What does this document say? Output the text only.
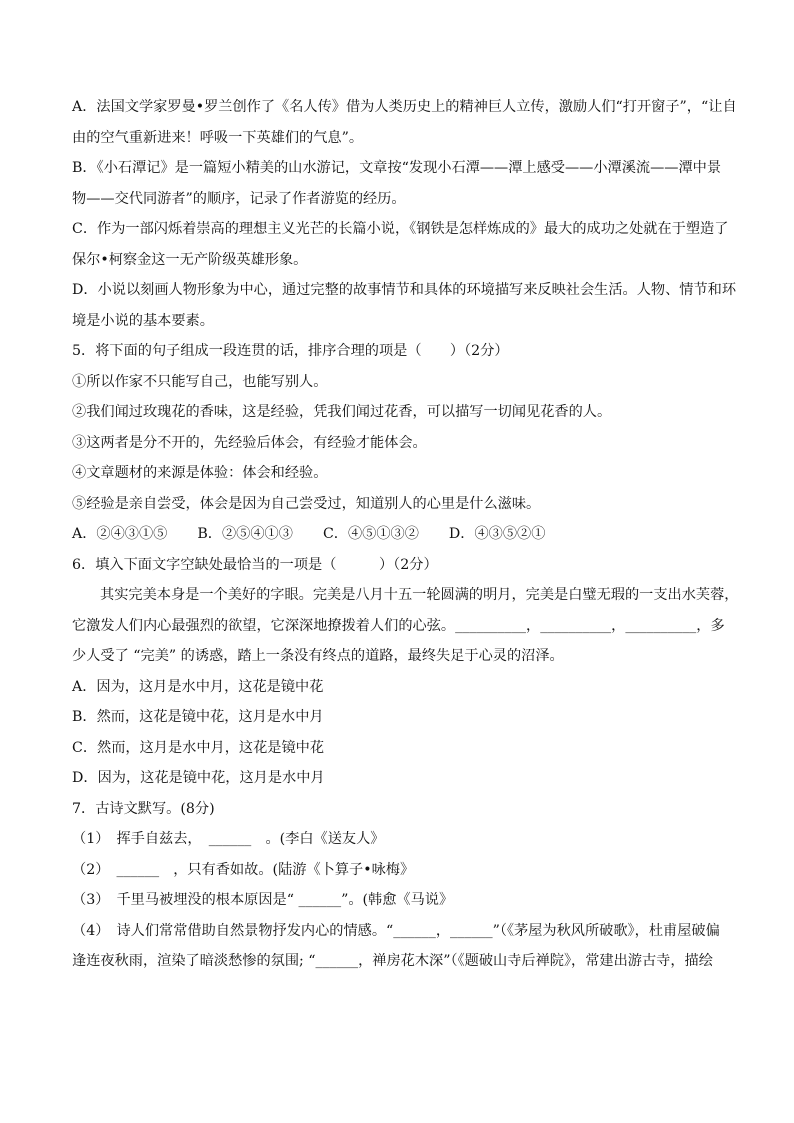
A．法国文学家罗曼•罗兰创作了《名人传》借为人类历史上的精神巨人立传，激励人们“打开窗子”，“让自
由的空气重新进来！呼吸一下英雄们的气息”。
B．《小石潭记》是一篇短小精美的山水游记，文章按“发现小石潭——潭上感受——小潭溪流——潭中景
物——交代同游者”的顺序，记录了作者游览的经历。
C．作为一部闪烁着崇高的理想主义光芒的长篇小说，《钢铁是怎样炼成的》最大的成功之处就在于塑造了
保尔•柯察金这一无产阶级英雄形象。
D．小说以刻画人物形象为中心，通过完整的故事情节和具体的环境描写来反映社会生活。人物、情节和环
境是小说的基本要素。
5．将下面的句子组成一段连贯的话，排序合理的项是（　　）（2分）
①所以作家不只能写自己，也能写别人。
②我们闻过玫瑰花的香味，这是经验，凭我们闻过花香，可以描写一切闻见花香的人。
③这两者是分不开的，先经验后体会，有经验才能体会。
④文章题材的来源是体验：体会和经验。
⑤经验是亲自尝受，体会是因为自己尝受过，知道别人的心里是什么滋味。
A．②④③①⑤ B．②⑤④①③ C．④⑤①③② D．④③⑤②①
6．填入下面文字空缺处最恰当的一项是（　　　）（2分）
其实完美本身是一个美好的字眼。完美是八月十五一轮圆满的明月，完美是白璧无瑕的一支出水芙蓉，
它激发人们内心最强烈的欲望，它深深地撩拨着人们的心弦。__________，__________，__________，多
少人受了 “完美” 的诱惑，踏上一条没有终点的道路，最终失足于心灵的沼泽。
A．因为，这月是水中月，这花是镜中花
B．然而，这花是镜中花，这月是水中月
C．然而，这月是水中月，这花是镜中花
D．因为，这花是镜中花，这月是水中月
7．古诗文默写。(8分)
（1）　挥手自兹去，　______　。(李白《送友人》
（2）　______　，只有香如故。(陆游《卜算子•咏梅》
（3）　千里马被埋没的根本原因是“ ______”。(韩愈《马说》
（4）　诗人们常常借助自然景物抒发内心的情感。“______，______”（《茅屋为秋风所破歌》，杜甫屋破偏
逢连夜秋雨，渲染了暗淡愁惨的氛围; “______，禅房花木深”（《题破山寺后禅院》，常建出游古寺，描绘
